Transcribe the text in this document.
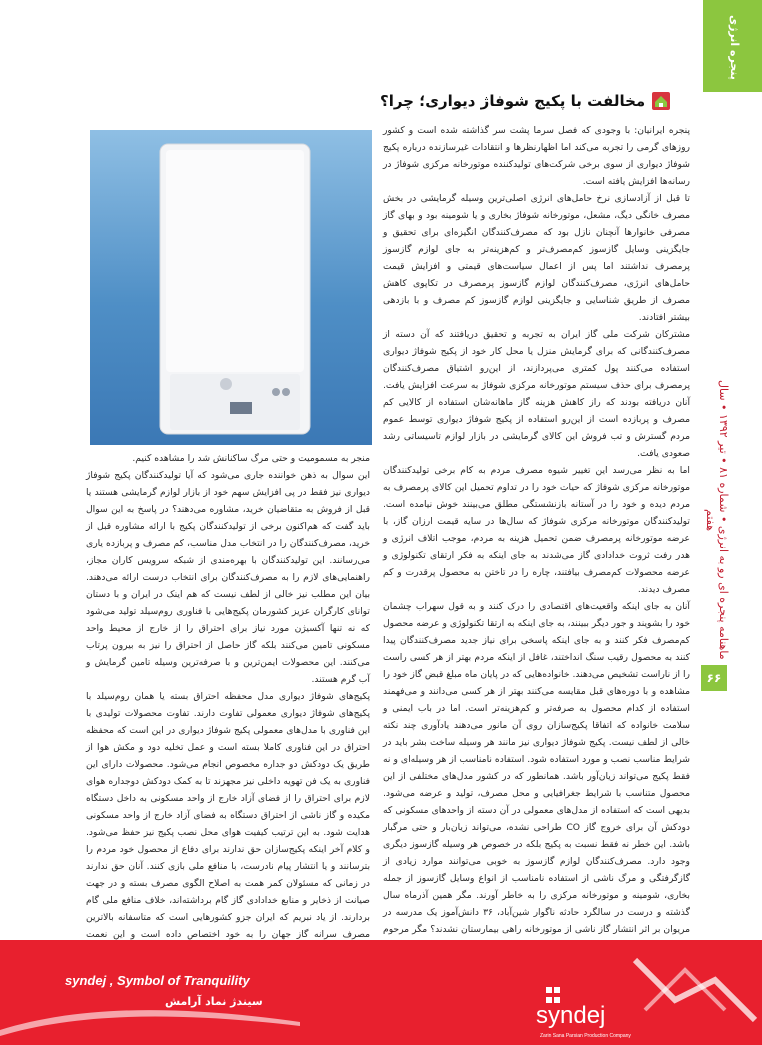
پنجره انرژی
ماهنامه پنجره ای رو به انرژی • شماره ۸۱ • تیر ۱۳۹۲ • سال هفتم
۶۶
مخالفت با پکیج شوفاژ دیواری؛ چرا؟

پنجره ایرانیان: با وجودی که فصل سرما پشت سر گذاشته شده است و کشور روزهای گرمی را تجربه می‌کند اما اظهارنظرها و انتقادات غیرسازنده درباره پکیج شوفاژ دیواری از سوی برخی شرکت‌های تولیدکننده موتورخانه مرکزی شوفاژ در رسانه‌ها افزایش یافته است.

تا قبل از آزادسازی نرخ حامل‌های انرژی اصلی‌ترین وسیله گرمایشی در بخش مصرف خانگی دیگ، مشعل، موتورخانه شوفاژ بخاری و یا شومینه بود و بهای گاز مصرفی خانوارها آنچنان نازل بود که مصرف‌کنندگان انگیزه‌ای برای تحقیق و جایگزینی وسایل گازسوز کم‌مصرف‌تر و کم‌هزینه‌تر به جای لوازم گازسوز پرمصرف نداشتند اما پس از اعمال سیاست‌های قیمتی و افزایش قیمت حامل‌های انرژی، مصرف‌کنندگان لوازم گازسوز پرمصرف در تکاپوی کاهش مصرف از طریق شناسایی و جایگزینی لوازم گازسوز کم مصرف و با بازدهی بیشتر افتادند.

مشترکان شرکت ملی گاز ایران به تجربه و تحقیق دریافتند که آن دسته از مصرف‌کنندگانی که برای گرمایش منزل یا محل کار خود از پکیج شوفاژ دیواری استفاده می‌کنند پول کمتری می‌پردازند، از این‌رو اشتیاق مصرف‌کنندگان پرمصرف برای حذف سیستم موتورخانه مرکزی شوفاژ به سرعت افزایش یافت. آنان دریافته بودند که راز کاهش هزینه گاز ماهانه‌شان استفاده از کالایی کم مصرف و پربازده است از این‌رو استفاده از پکیج شوفاژ دیواری توسط عموم مردم گسترش و تب فروش این کالای گرمایشی در بازار لوازم تاسیساتی رشد صعودی یافت.

اما به نظر می‌رسد این تغییر شیوه مصرف مردم به کام برخی تولیدکنندگان موتورخانه مرکزی شوفاژ که حیات خود را در تداوم تحمیل این کالای پرمصرف به مردم دیده و خود را در آستانه بازنشستگی مطلق می‌بینند خوش نیامده است. تولیدکنندگان موتورخانه مرکزی شوفاژ که سال‌ها در سایه قیمت ارزان گاز، با عرضه موتورخانه پرمصرف ضمن تحمیل هزینه به مردم، موجب اتلاف انرژی و هدر رفت ثروت خدادادی گاز می‌شدند به جای اینکه به فکر ارتقای تکنولوژی و عرضه محصولات کم‌مصرف بیافتند، چاره را در تاختن به محصول پرقدرت و کم مصرف دیدند.

آنان به جای اینکه واقعیت‌های اقتصادی را درک کنند و به قول سهراب چشمان خود را بشویند و جور دیگر ببینند، به جای اینکه به ارتقا تکنولوژی و عرضه محصول کم‌مصرف فکر کنند و به جای اینکه پاسخی برای نیاز جدید مصرف‌کنندگان پیدا کنند به محصول رقیب سنگ انداختند، غافل از اینکه مردم بهتر از هر کسی راست را از ناراست تشخیص می‌دهند. خانواده‌هایی که در پایان ماه مبلغ قبض گاز خود را مشاهده و با دوره‌های قبل مقایسه می‌کنند بهتر از هر کسی می‌دانند و می‌فهمند استفاده از کدام محصول به صرفه‌تر و کم‌هزینه‌تر است. اما در باب ایمنی و سلامت خانواده که اتفاقا پکیج‌سازان روی آن مانور می‌دهند یادآوری چند نکته خالی از لطف نیست. پکیج شوفاژ دیواری نیز مانند هر وسیله ساخت بشر باید در شرایط مناسب نصب و مورد استفاده شود. استفاده نامناسب از هر وسیله‌ای و نه فقط پکیج می‌تواند زیان‌آور باشد. همانطور که در کشور مدل‌های مختلفی از این محصول متناسب با شرایط جغرافیایی و محل مصرف، تولید و عرضه می‌شود. بدیهی است که استفاده از مدل‌های معمولی در آن دسته از واحدهای مسکونی که دودکش آن برای خروج گاز CO طراحی نشده، می‌تواند زیان‌بار و حتی مرگبار باشد. این خطر نه فقط نسبت به پکیج بلکه در خصوص هر وسیله گازسوز دیگری وجود دارد. مصرف‌کنندگان لوازم گازسوز به خوبی می‌توانند موارد زیادی از گازگرفتگی و مرگ ناشی از استفاده نامناسب از انواع وسایل گازسوز از جمله بخاری، شومینه و موتورخانه مرکزی را به خاطر آورند. مگر همین آذرماه سال گذشته و درست در سالگرد حادثه ناگوار شین‌آباد، ۳۶ دانش‌آموز یک مدرسه در مریوان بر اثر انتشار گاز ناشی از موتورخانه راهی بیمارستان نشدند؟ مگر مرحوم

منجر به مسمومیت و حتی مرگ ساکنانش شد را مشاهده کنیم.

این سوال به ذهن خواننده جاری می‌شود که آیا تولیدکنندگان پکیج شوفاژ دیواری نیز فقط در پی افزایش سهم خود از بازار لوازم گرمایشی هستند یا قبل از فروش به متقاضیان خرید، مشاوره می‌دهند؟ در پاسخ به این سوال باید گفت که هم‌اکنون برخی از تولیدکنندگان پکیج با ارائه مشاوره قبل از خرید، مصرف‌کنندگان را در انتخاب مدل مناسب، کم مصرف و پربازده یاری می‌رسانند. این تولیدکنندگان با بهره‌مندی از شبکه سرویس کاران مجاز، راهنمایی‌های لازم را به مصرف‌کنندگان برای انتخاب درست ارائه می‌دهند. بیان این مطلب نیز خالی از لطف نیست که هم اینک در ایران و با دستان توانای کارگران عزیز کشورمان پکیج‌هایی با فناوری روم‌سیلد تولید می‌شود که نه تنها آکسیژن مورد نیاز برای احتراق را از خارج از محیط واحد مسکونی تامین می‌کنند بلکه گاز حاصل از احتراق را نیز به بیرون پرتاب می‌کنند. این محصولات ایمن‌ترین و با صرفه‌ترین وسیله تامین گرمایش و آب گرم هستند.

پکیج‌های شوفاژ دیواری مدل محفظه احتراق بسته یا همان روم‌سیلد با پکیج‌های شوفاژ دیواری معمولی تفاوت دارند. تفاوت محصولات تولیدی با این فناوری با مدل‌های معمولی پکیج شوفاژ دیواری در این است که محفظه احتراق در این فناوری کاملا بسته است و عمل تخلیه دود و مکش هوا از طریق یک دودکش دو جداره مخصوص انجام می‌شود. محصولات دارای این فناوری به یک فن تهویه داخلی نیز مجهزند تا به کمک دودکش دوجداره هوای لازم برای احتراق را از فضای آزاد خارج از واحد مسکونی به داخل دستگاه مکیده و گاز ناشی از احتراق دستگاه به فضای آزاد خارج از واحد مسکونی هدایت شود. به این ترتیب کیفیت هوای محل نصب پکیج نیز حفظ می‌شود. و کلام آخر اینکه پکیج‌سازان حق ندارند برای دفاع از محصول خود مردم را بترسانند و یا انتشار پیام نادرست، با منافع ملی بازی کنند. آنان حق ندارند در زمانی که مسئولان کمر همت به اصلاح الگوی مصرف بسته و در جهت صیانت از ذخایر و منابع خدادادی گاز گام برداشته‌اند، خلاف منافع ملی گام بردارند. از یاد نبریم که ایران جزو کشورهایی است که متاسفانه بالاترین مصرف سرانه گاز جهان را به خود اختصاص داده است و این نعمت

syndej , Symbol of Tranquility
سیندژ نماد آرامش
syndej
Zarin Sana Parsian Production Company
